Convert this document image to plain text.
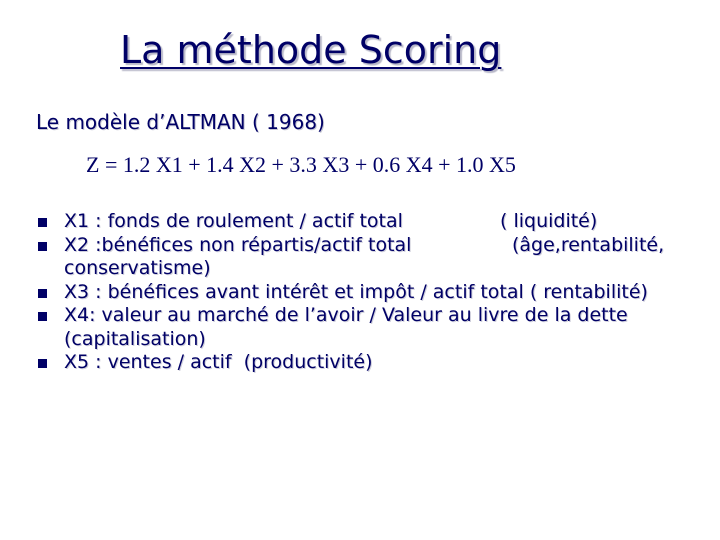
La méthode Scoring
Le modèle d’ALTMAN ( 1968)
Z = 1.2 X1 + 1.4 X2 + 3.3 X3 + 0.6 X4 + 1.0 X5
X1 : fonds de roulement / actif total	( liquidité)
X2 :bénéfices non répartis/actif total	(âge,rentabilité, conservatisme)
X3 : bénéfices avant intérêt et impôt / actif total ( rentabilité)
X4: valeur au marché de l’avoir / Valeur au livre de la dette (capitalisation)
X5 : ventes / actif  (productivité)
